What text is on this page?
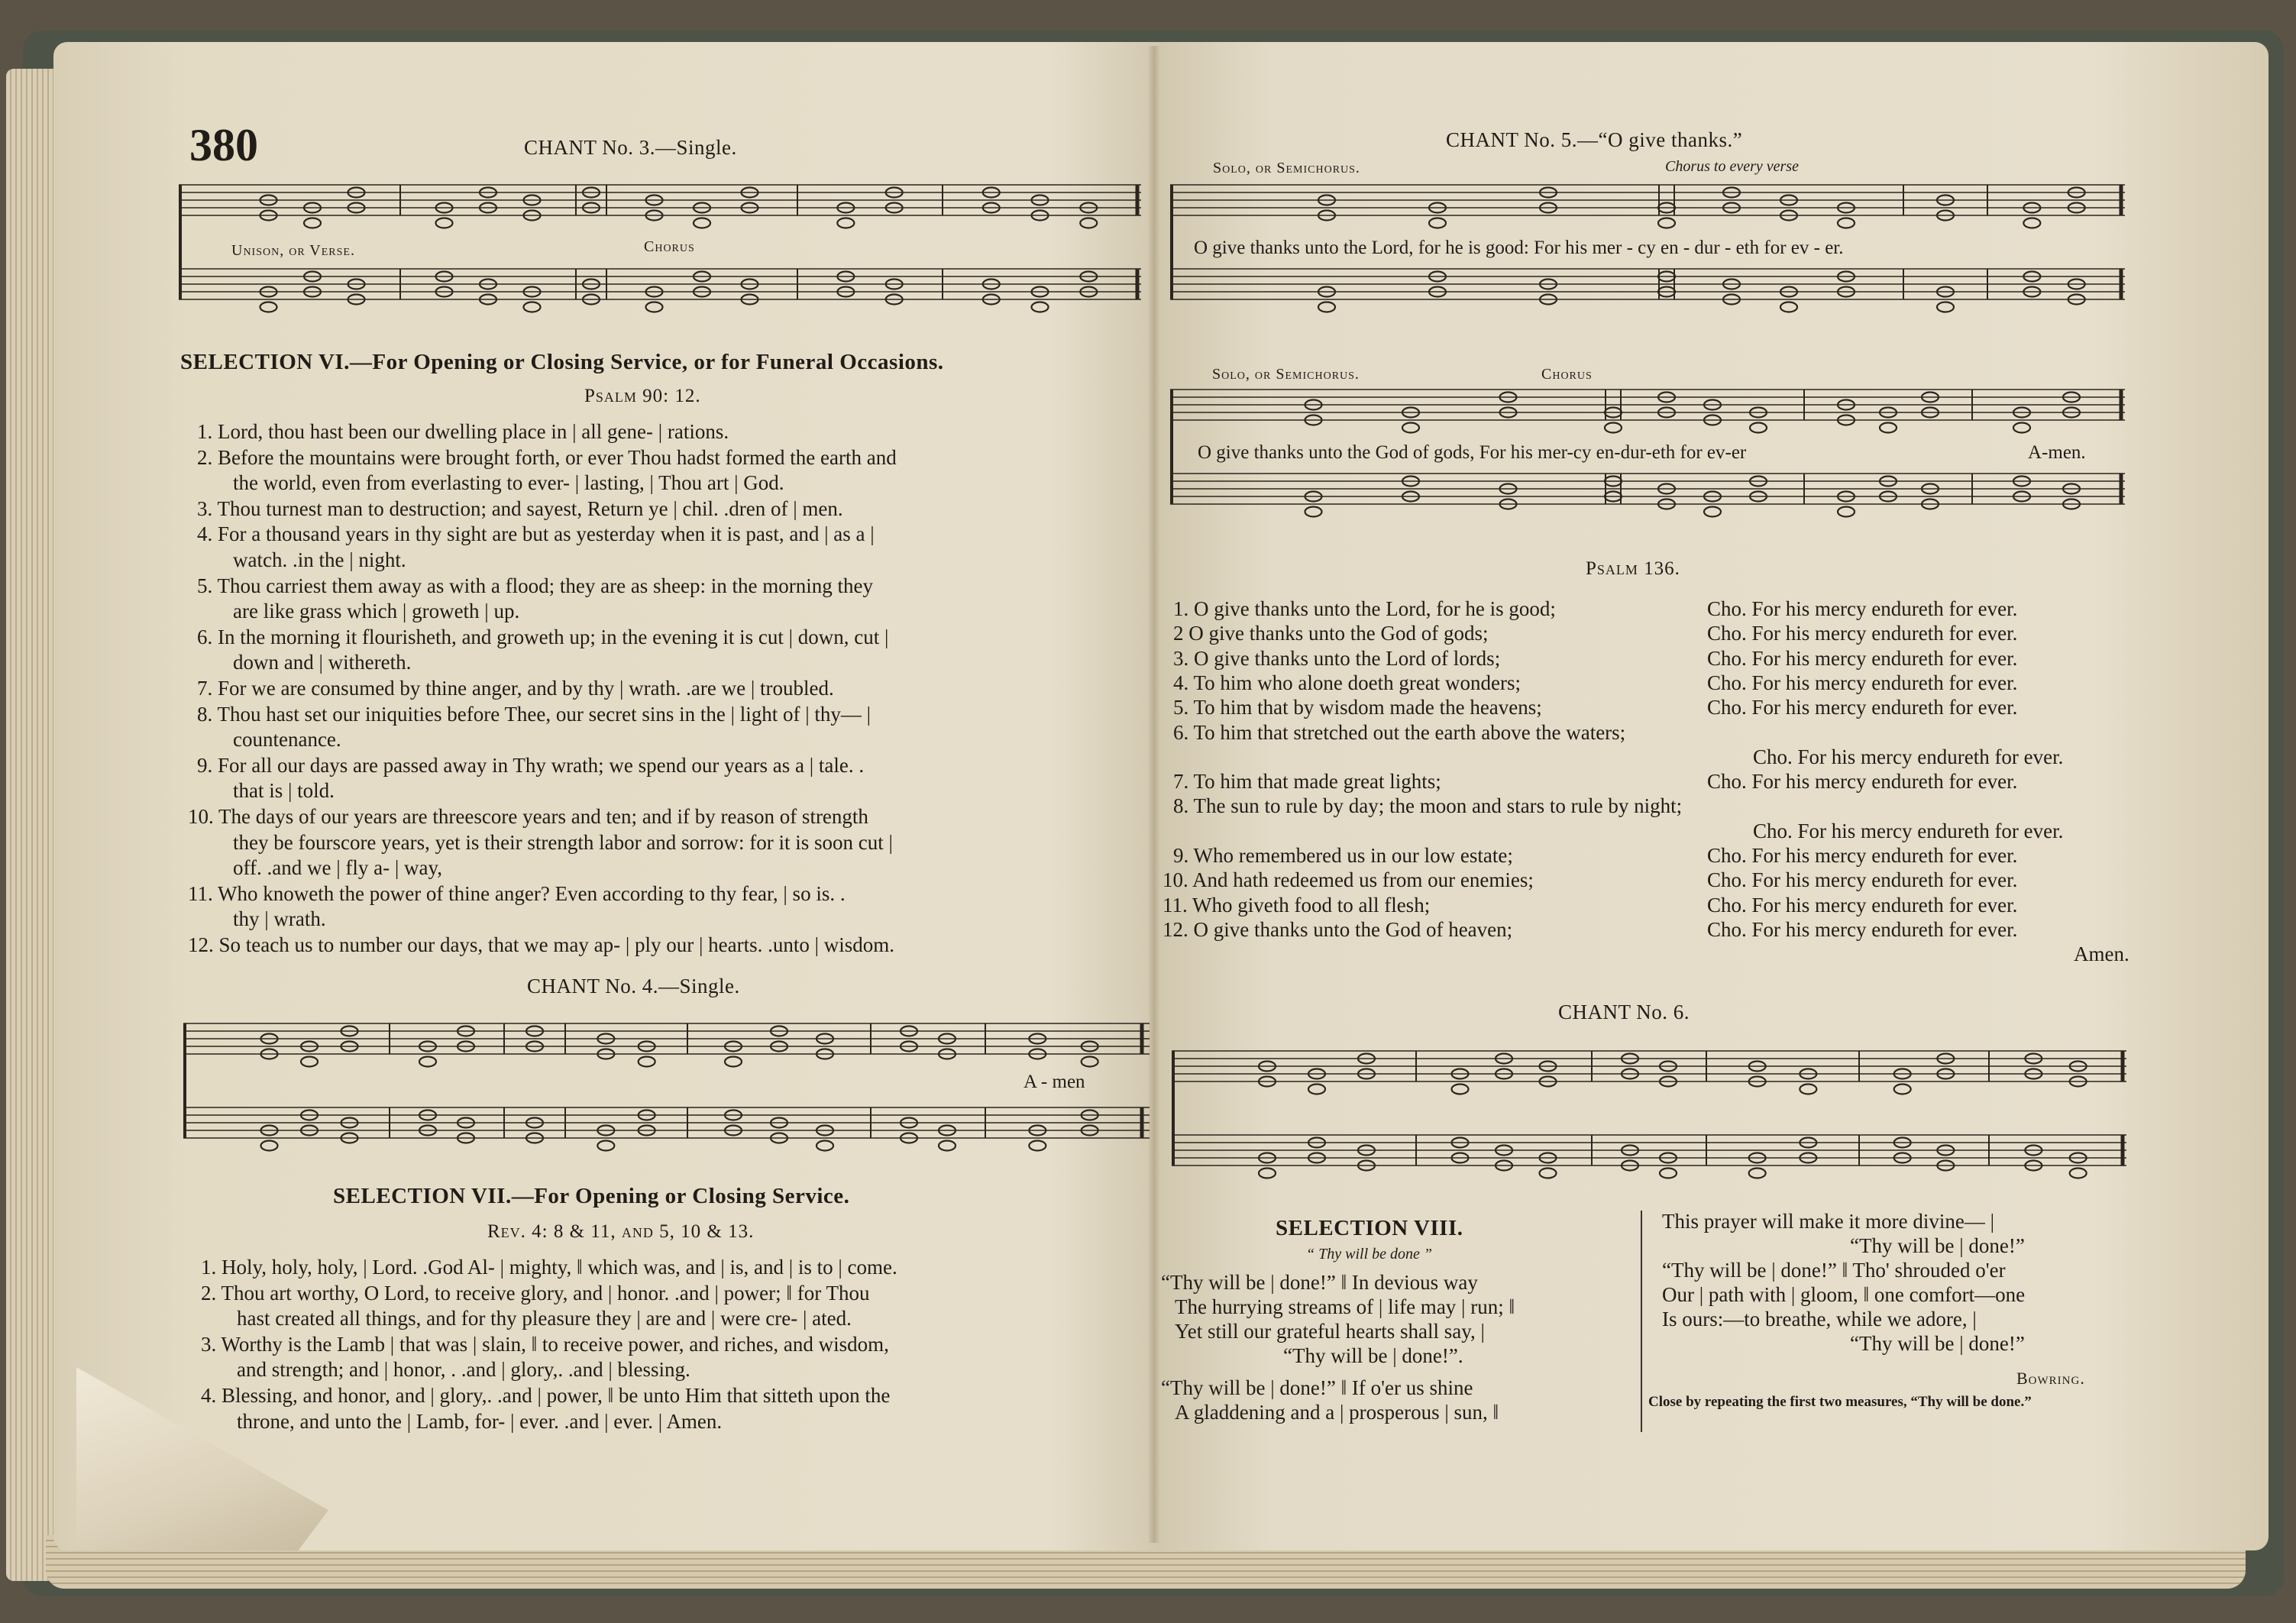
380	CHANT No. 3.—Single.
Unison, or Verse.	Chorus
SELECTION VI.—For Opening or Closing Service, or for Funeral Occasions.
Psalm 90: 12.
CHANT No. 4.—Single.
A - men
SELECTION VII.—For Opening or Closing Service.
Rev. 4: 8 & 11, and 5, 10 & 13.
CHANT No. 5.—“O give thanks.”
Solo, or Semichorus.	Chorus to every verse
O give thanks unto the Lord, for he is good: For his mer - cy en - dur - eth for ev - er.
Solo, or Semichorus.	Chorus
O give thanks unto the God of gods, For his mer-cy en-dur-eth for ev-er	A-men.
Psalm 136.
CHANT No. 6.
SELECTION VIII.
“ Thy will be done ”
Bowring.
Close by repeating the first two measures, “Thy will be done.”
1. Lord, thou hast been our dwelling place in | all gene- | rations.
2. Before the mountains were brought forth, or ever Thou hadst formed the earth and
the world, even from everlasting to ever- | lasting, | Thou art | God.
3. Thou turnest man to destruction; and sayest, Return ye | chil. .dren of | men.
4. For a thousand years in thy sight are but as yesterday when it is past, and | as a |
watch. .in the | night.
5. Thou carriest them away as with a flood; they are as sheep: in the morning they
are like grass which | groweth | up.
6. In the morning it flourisheth, and groweth up; in the evening it is cut | down, cut |
down and | withereth.
7. For we are consumed by thine anger, and by thy | wrath. .are we | troubled.
8. Thou hast set our iniquities before Thee, our secret sins in the | light of | thy— |
countenance.
9. For all our days are passed away in Thy wrath; we spend our years as a | tale. .
that is | told.
10. The days of our years are threescore years and ten; and if by reason of strength
they be fourscore years, yet is their strength labor and sorrow: for it is soon cut |
off. .and we | fly a- | way,
11. Who knoweth the power of thine anger? Even according to thy fear, | so is. .
thy | wrath.
12. So teach us to number our days, that we may ap- | ply our | hearts. .unto | wisdom.
1. Holy, holy, holy, | Lord. .God Al- | mighty, ‖ which was, and | is, and | is to | come.
2. Thou art worthy, O Lord, to receive glory, and | honor. .and | power; ‖ for Thou
hast created all things, and for thy pleasure they | are and | were cre- | ated.
3. Worthy is the Lamb | that was | slain, ‖ to receive power, and riches, and wisdom,
and strength; and | honor, . .and | glory,. .and | blessing.
4. Blessing, and honor, and | glory,. .and | power, ‖ be unto Him that sitteth upon the
throne, and unto the | Lamb, for- | ever. .and | ever. | Amen.
1. O give thanks unto the Lord, for he is good;	Cho. For his mercy endureth for ever.
2 O give thanks unto the God of gods;	Cho. For his mercy endureth for ever.
3. O give thanks unto the Lord of lords;	Cho. For his mercy endureth for ever.
4. To him who alone doeth great wonders;	Cho. For his mercy endureth for ever.
5. To him that by wisdom made the heavens;	Cho. For his mercy endureth for ever.
6. To him that stretched out the earth above the waters;
Cho. For his mercy endureth for ever.
7. To him that made great lights;	Cho. For his mercy endureth for ever.
8. The sun to rule by day; the moon and stars to rule by night;
Cho. For his mercy endureth for ever.
9. Who remembered us in our low estate;	Cho. For his mercy endureth for ever.
10. And hath redeemed us from our enemies;	Cho. For his mercy endureth for ever.
11. Who giveth food to all flesh;	Cho. For his mercy endureth for ever.
12. O give thanks unto the God of heaven;	Cho. For his mercy endureth for ever.
Amen.
“Thy will be | done!” ‖ In devious way
The hurrying streams of | life may | run; ‖
Yet still our grateful hearts shall say, |
“Thy will be | done!”.
“Thy will be | done!” ‖ If o'er us shine
A gladdening and a | prosperous | sun, ‖
This prayer will make it more divine— |
“Thy will be | done!”
“Thy will be | done!” ‖ Tho' shrouded o'er
Our | path with | gloom, ‖ one comfort—one
Is ours:—to breathe, while we adore, |
“Thy will be | done!”
